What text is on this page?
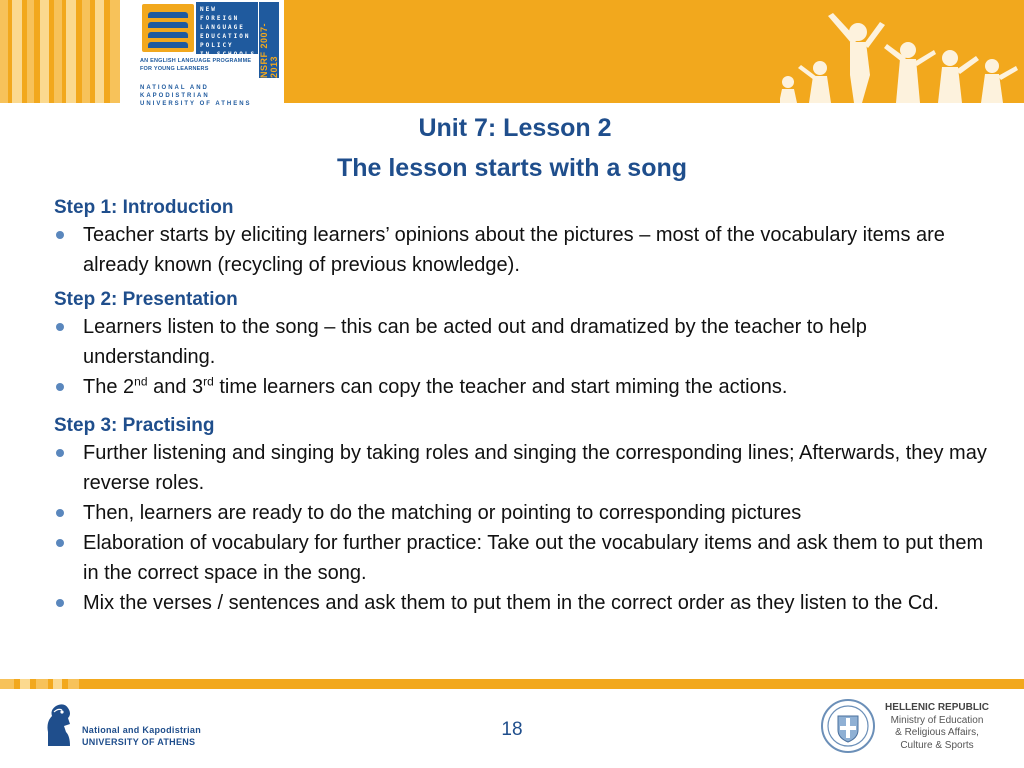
NEW FOREIGN
LANGUAGE
EDUCATION
POLICY
IN SCHOOLS NSRF 2007-2013
AN ENGLISH LANGUAGE PROGRAMME
FOR YOUNG LEARNERS
NATIONAL AND KAPODISTRIAN
UNIVERSITY OF ATHENS
Unit 7: Lesson 2
The lesson starts with a song
Step 1: Introduction
Teacher starts by eliciting learners’ opinions about the pictures – most of the vocabulary items are already known (recycling of previous knowledge).
Step 2: Presentation
Learners listen to the song – this can be acted out and dramatized by the teacher to help understanding.
The 2nd and 3rd time learners can copy the teacher and start miming the actions.
Step 3: Practising
Further listening and singing by taking roles and singing the corresponding lines; Afterwards, they may reverse roles.
Then, learners are ready to do the matching or pointing to corresponding pictures
Elaboration of vocabulary for further practice: Take out the vocabulary items and ask them to put them in the correct space in the song.
Mix the verses / sentences and ask them to put them in the correct order as they listen to the Cd.
National and Kapodistrian
UNIVERSITY OF ATHENS
18
HELLENIC REPUBLIC
Ministry of Education
& Religious Affairs,
Culture & Sports
